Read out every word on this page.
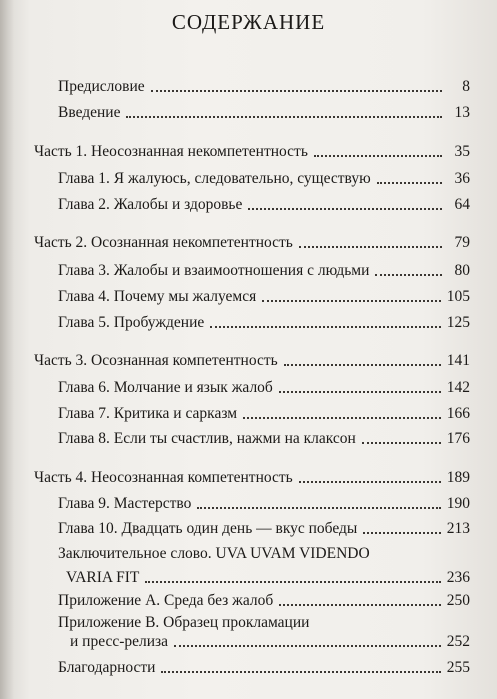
СОДЕРЖАНИЕ
Предисловие	8
Введение	13
Часть 1. Неосознанная некомпетентность	35
Глава 1. Я жалуюсь, следовательно, существую	36
Глава 2. Жалобы и здоровье	64
Часть 2. Осознанная некомпетентность	79
Глава 3. Жалобы и взаимоотношения с людьми	80
Глава 4. Почему мы жалуемся	105
Глава 5. Пробуждение	125
Часть 3. Осознанная компетентность	141
Глава 6. Молчание и язык жалоб	142
Глава 7. Критика и сарказм	166
Глава 8. Если ты счастлив, нажми на клаксон	176
Часть 4. Неосознанная компетентность	189
Глава 9. Мастерство	190
Глава 10. Двадцать один день — вкус победы	213
Заключительное слово. UVA UVAM VIDENDO
VARIA FIT	236
Приложение А. Среда без жалоб	250
Приложение В. Образец прокламации
и пресс-релиза	252
Благодарности	255
